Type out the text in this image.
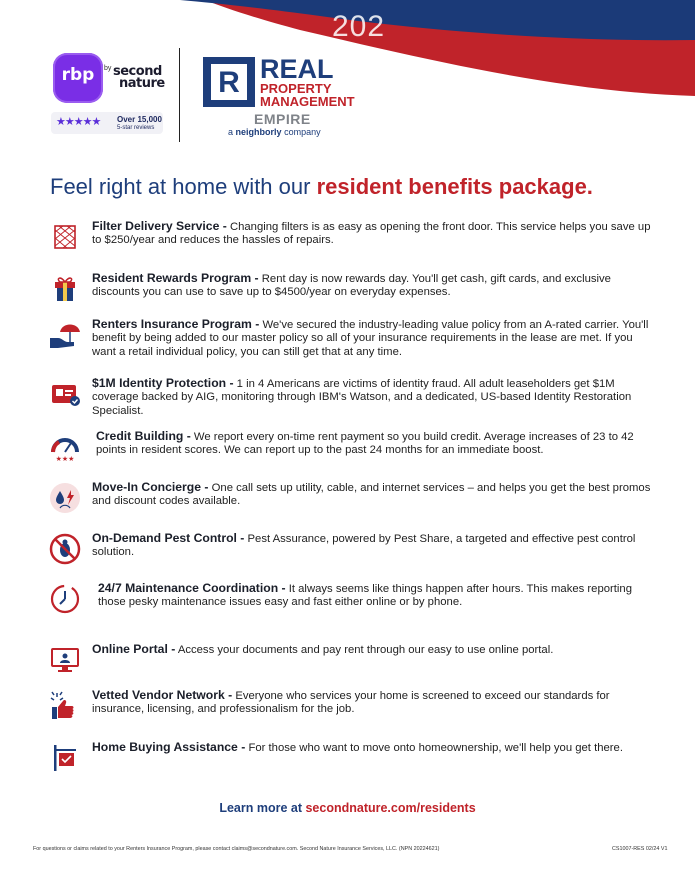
202
rbp	by second
nature
★★★★★ Over 15,000
5-star reviews
R REAL
PROPERTY
MANAGEMENT
EMPIRE
a neighborly company
Feel right at home with our resident benefits package.
Filter Delivery Service - Changing filters is as easy as opening the front door. This service helps you save up to $250/year and reduces the hassles of repairs.
Resident Rewards Program - Rent day is now rewards day. You'll get cash, gift cards, and exclusive discounts you can use to save up to $4500/year on everyday expenses.
Renters Insurance Program - We've secured the industry-leading value policy from an A-rated carrier. You'll benefit by being added to our master policy so all of your insurance requirements in the lease are met. If you want a retail individual policy, you can still get that at any time.
$1M Identity Protection - 1 in 4 Americans are victims of identity fraud. All adult leaseholders get $1M coverage backed by AIG, monitoring through IBM's Watson, and a dedicated, US-based Identity Restoration Specialist.
★★★
Credit Building - We report every on-time rent payment so you build credit. Average increases of 23 to 42 points in resident scores. We can report up to the past 24 months for an immediate boost.
Move-In Concierge - One call sets up utility, cable, and internet services – and helps you get the best promos and discount codes available.
On-Demand Pest Control - Pest Assurance, powered by Pest Share, a targeted and effective pest control solution.
24/7 Maintenance Coordination - It always seems like things happen after hours. This makes reporting those pesky maintenance issues easy and fast either online or by phone.
Online Portal - Access your documents and pay rent through our easy to use online portal.
Vetted Vendor Network - Everyone who services your home is screened to exceed our standards for insurance, licensing, and professionalism for the job.
Home Buying Assistance - For those who want to move onto homeownership, we'll help you get there.
Learn more at secondnature.com/residents
For questions or claims related to your Renters Insurance Program, please contact claims@secondnature.com. Second Nature Insurance Services, LLC. (NPN 20224621)	CS1007-RES 02/24 V1
